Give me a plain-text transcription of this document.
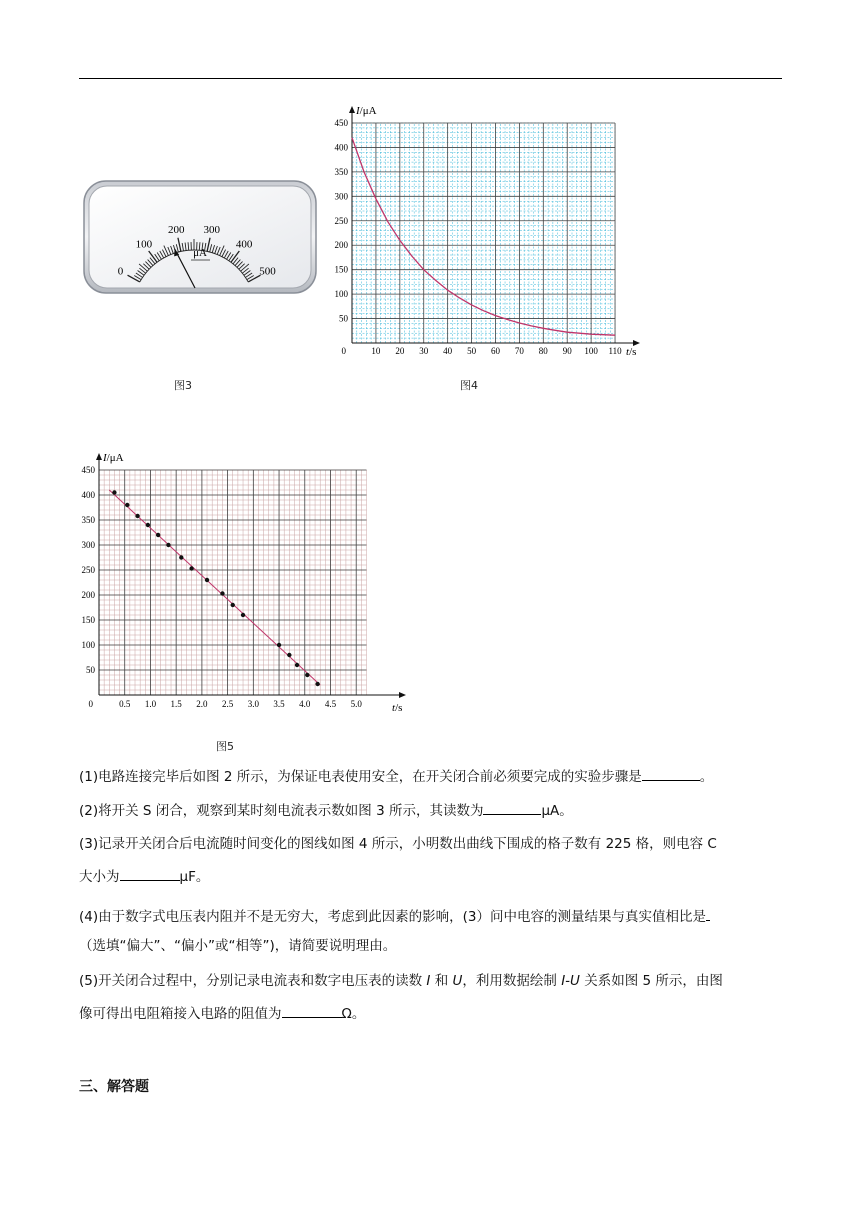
0
100
200 300
400
500
μA
图3
10 20 30 40 50 60 70 80 90 100 110
50
100
150
200
250
300
350
400
450
0
I/μA
t/s
图4
0.5 1.0 1.5 2.0 2.5 3.0 3.5 4.0 4.5 5.0
50
100
150
200
250
300
350
400
450
0
I/μA
t/s
图5
(1)电路连接完毕后如图 2 所示，为保证电表使用安全，在开关闭合前必须要完成的实验步骤是	。
(2)将开关 S 闭合，观察到某时刻电流表示数如图 3 所示，其读数为	μA。
(3)记录开关闭合后电流随时间变化的图线如图 4 所示，小明数出曲线下围成的格子数有 225 格，则电容 C
大小为	μF。
(4)由于数字式电压表内阻并不是无穷大，考虑到此因素的影响，(3）问中电容的测量结果与真实值相比是
（选填“偏大”、“偏小”或“相等”)，请简要说明理由。
(5)开关闭合过程中，分别记录电流表和数字电压表的读数 I 和 U，利用数据绘制 I-U 关系如图 5 所示，由图
像可得出电阻箱接入电路的阻值为	Ω。
三、解答题
